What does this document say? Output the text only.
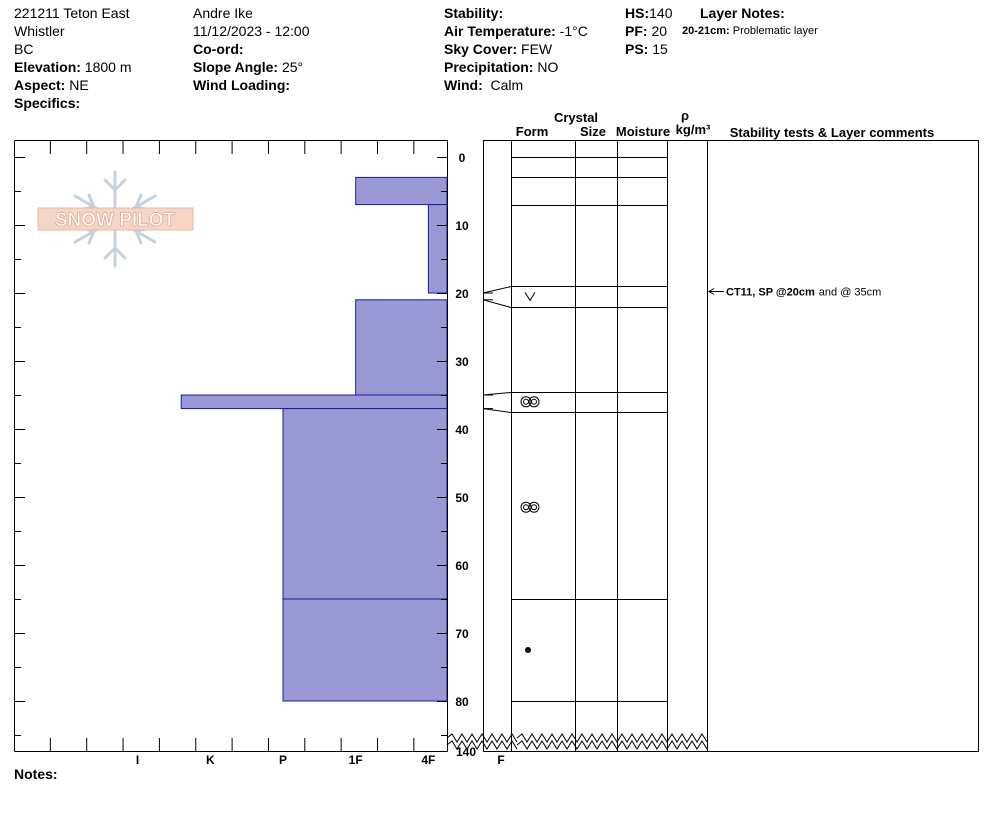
221211 Teton East
Whistler
BC
Elevation: 1800 m
Aspect: NE
Specifics:
Andre Ike
11/12/2023 - 12:00
Co-ord:
Slope Angle: 25°
Wind Loading:
Stability:
Air Temperature: -1°C
Sky Cover: FEW
Precipitation: NO
Wind: Calm
HS:140
PF: 20
PS: 15
Layer Notes:
20-21cm: Problematic layer
Notes:
SNOW PILOT
I	K	P	1F	4F	F
0
10
20
30
40
50
60
70
80
140
Crystal
Form Size Moisture
ρ
kg/m³ Stability tests & Layer comments
CT11, SP @20cm and @ 35cm
